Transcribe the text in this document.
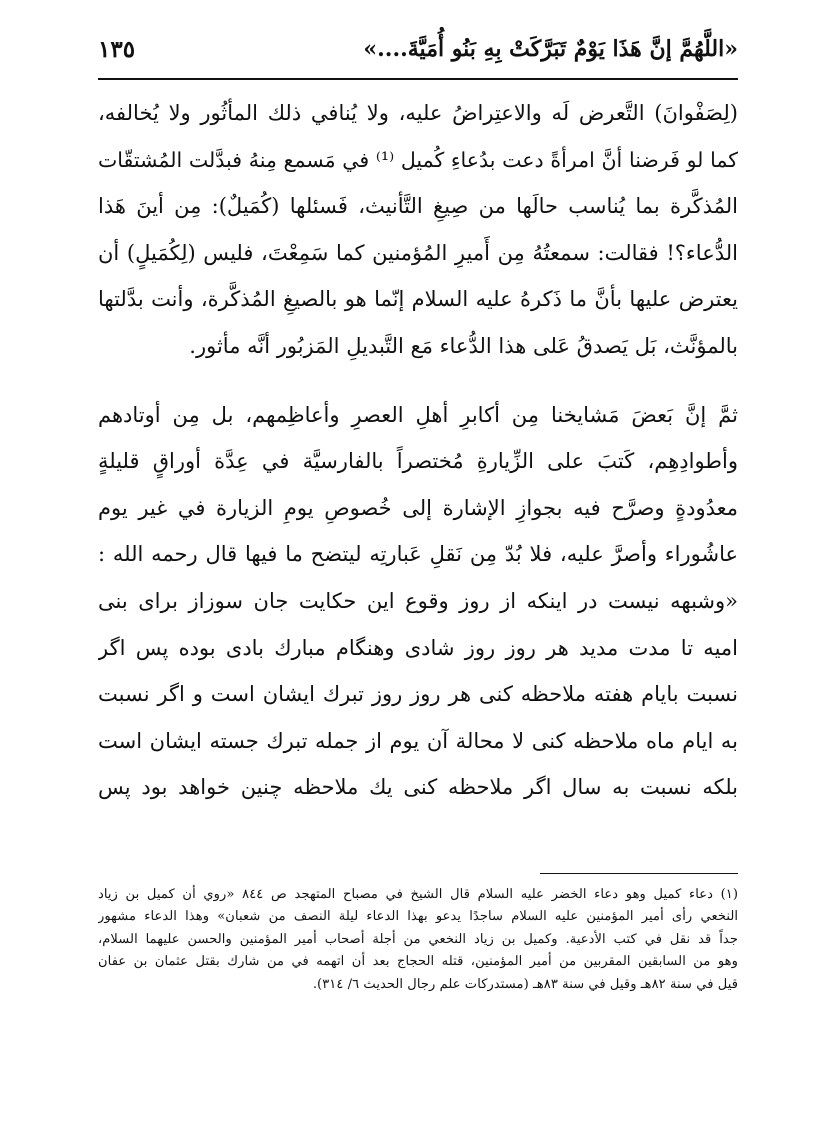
«اللَّهُمَّ إنَّ هَذَا يَوْمٌ تَبَرَّكَتْ بِهِ بَنُو أُمَيَّةَ....»
١٣٥
(لِصَفْوانَ) التَّعرض لَه والاعتِراضُ عليه، ولا يُنافي ذلك المأثُور ولا يُخالفه،
كما لو فَرضنا أنَّ امرأةً دعت بدُعاءِ كُميل ⁽¹⁾ في مَسمع مِنهُ فبدَّلت المُشتقّات
المُذكَّرة بما يُناسب حالَها من صِيغِ التَّأنيث، فَسئلها (كُمَيلٌ): مِن أينَ هَذا
الدُّعاء؟! فقالت: سمعتُهُ مِن أَميرِ المُؤمنين كما سَمِعْتَ، فليس (لِكُمَيلٍ) أن
يعترض عليها بأنَّ ما ذَكرهُ عليه السلام إنّما هو بالصيغِ المُذكَّرة، وأنت بدَّلتها
بالمؤنَّث، بَل يَصدقُ عَلى هذا الدُّعاء مَع التَّبديلِ المَزبُور أنَّه مأثور.
ثمَّ إنَّ بَعضَ مَشايخنا مِن أكابرِ أهلِ العصرِ وأعاظِمهم، بل مِن أوتادهم
وأطوادِهِم، كَتبَ على الزِّيارةِ مُختصراً بالفارسيَّة في عِدَّة أوراقٍ قليلةٍ
معدُودةٍ وصرَّح فيه بجوازِ الإشارة إلى خُصوصِ يومِ الزيارة في غير يوم
عاشُوراء وأصرَّ عليه، فلا بُدّ مِن نَقلِ عَبارتِه ليتضح ما فيها قال رحمه الله :
«وشبهه نيست در اينكه از روز وقوع اين حكايت جان سوزاز براى بنى
اميه تا مدت مديد هر روز روز شادى وهنگام مبارك بادى بوده پس اگر
نسبت بايام هفته ملاحظه كنى هر روز روز تبرك ايشان است و اگر نسبت
به ايام ماه ملاحظه كنى لا محالة آن يوم از جمله تبرك جسته ايشان است
بلكه نسبت به سال اگر ملاحظه كنى يك ملاحظه چنين خواهد بود پس
(١) دعاء كميل وهو دعاء الخضر عليه السلام قال الشيخ في مصباح المتهجد ص ٨٤٤ «روي أن كميل بن زياد
النخعي رأى أمير المؤمنين عليه السلام ساجدًا يدعو بهذا الدعاء ليلة النصف من شعبان» وهذا الدعاء مشهور
جداً قد نقل في كتب الأدعية. وكميل بن زياد النخعي من أجلة أصحاب أمير المؤمنين والحسن عليهما السلام،
وهو من السابقين المقربين من أمير المؤمنين، قتله الحجاج بعد أن اتهمه في من شارك بقتل عثمان بن عفان
قيل في سنة ٨٢هـ وقيل في سنة ٨٣هـ (مستدركات علم رجال الحديث ٦/ ٣١٤).
